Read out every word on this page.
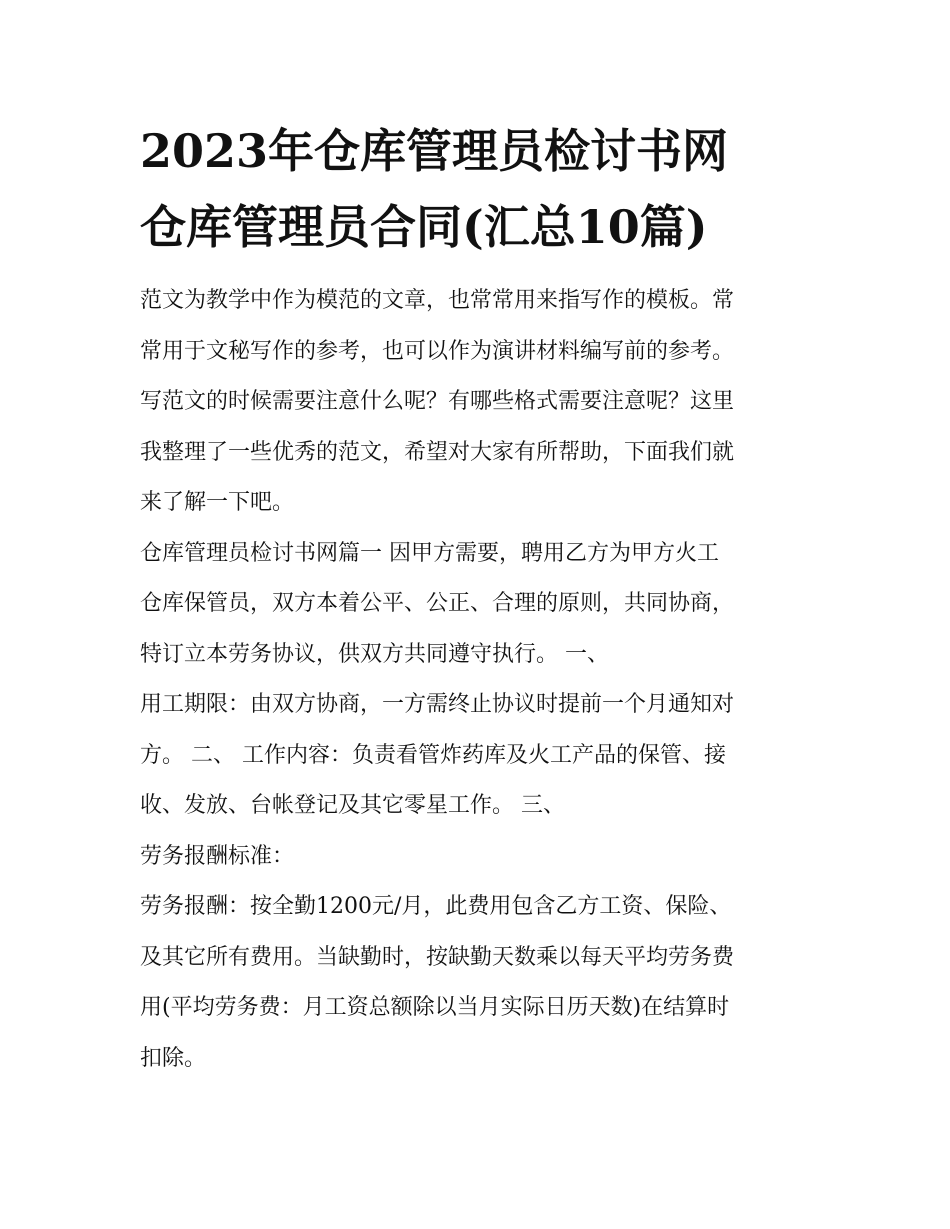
2023年仓库管理员检讨书网
仓库管理员合同(汇总10篇)
范文为教学中作为模范的文章，也常常用来指写作的模板。常
常用于文秘写作的参考，也可以作为演讲材料编写前的参考。
写范文的时候需要注意什么呢？有哪些格式需要注意呢？这里
我整理了一些优秀的范文，希望对大家有所帮助，下面我们就
来了解一下吧。
仓库管理员检讨书网篇一 因甲方需要，聘用乙方为甲方火工
仓库保管员，双方本着公平、公正、合理的原则，共同协商，
特订立本劳务协议，供双方共同遵守执行。 一、
用工期限：由双方协商，一方需终止协议时提前一个月通知对
方。 二、 工作内容：负责看管炸药库及火工产品的保管、接
收、发放、台帐登记及其它零星工作。 三、
劳务报酬标准：
劳务报酬：按全勤1200元/月，此费用包含乙方工资、保险、
及其它所有费用。当缺勤时，按缺勤天数乘以每天平均劳务费
用(平均劳务费：月工资总额除以当月实际日历天数)在结算时
扣除。
